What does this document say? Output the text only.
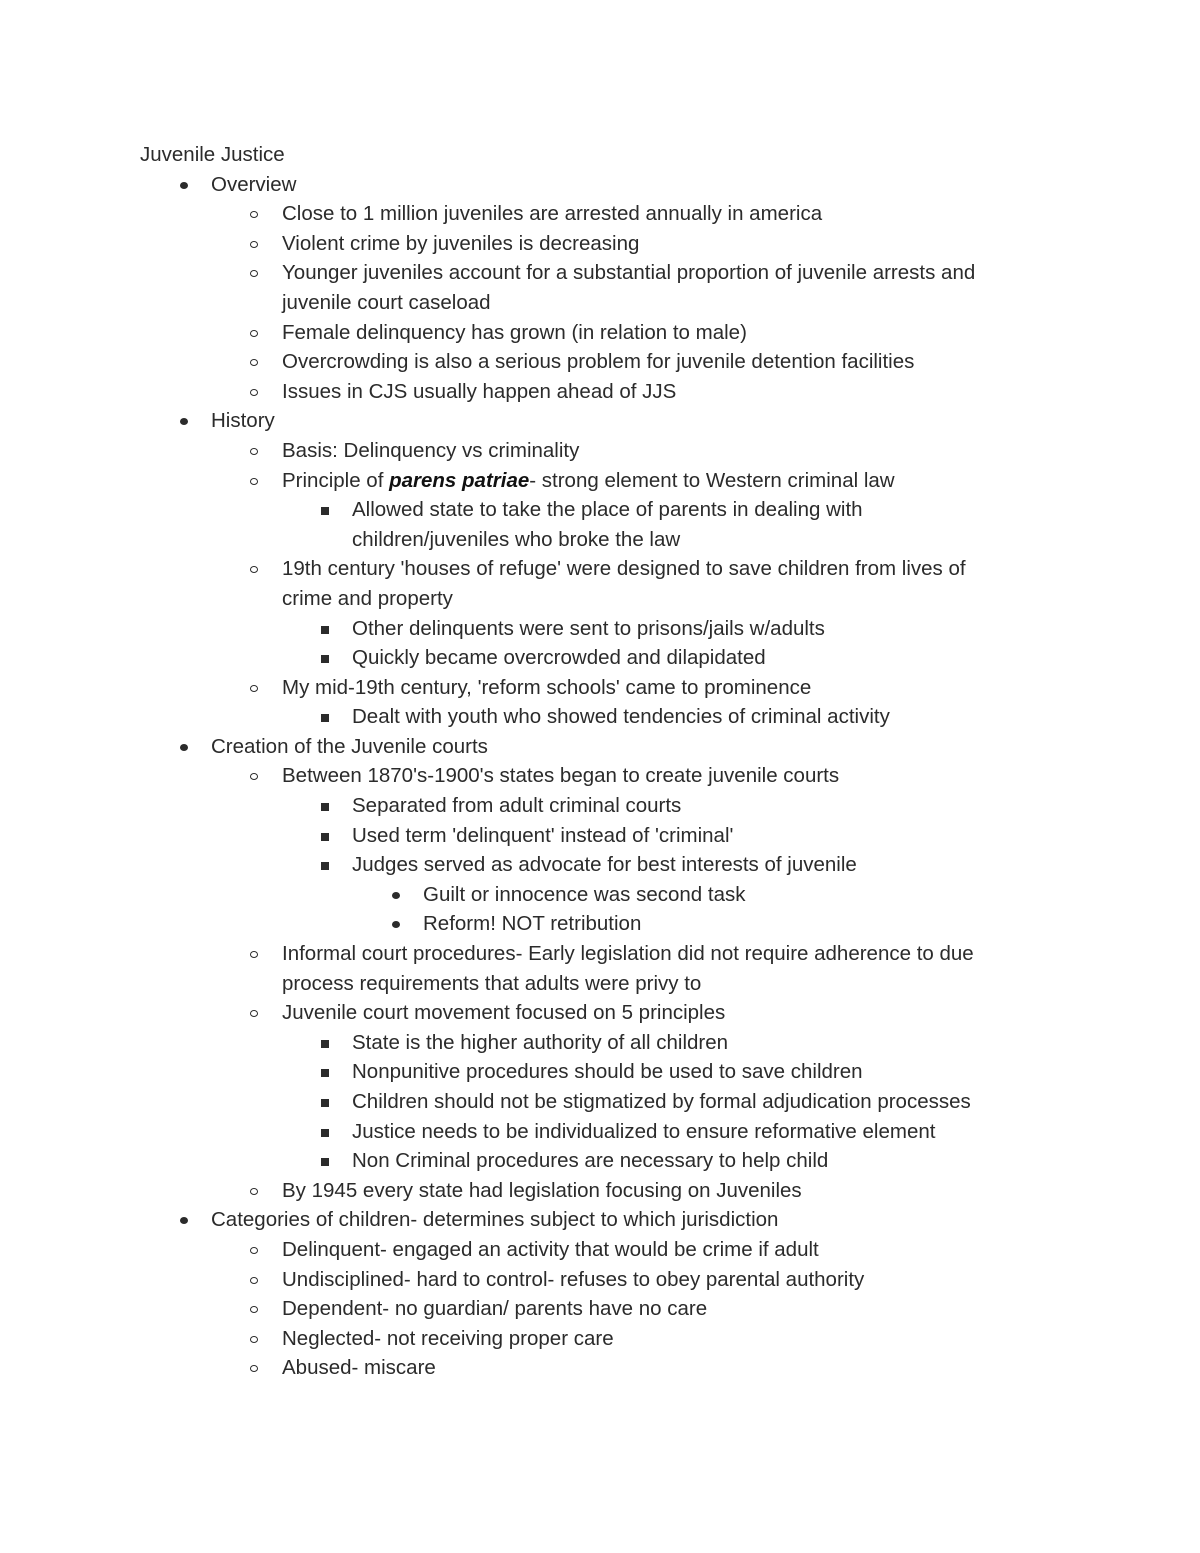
Juvenile Justice
Overview
Close to 1 million juveniles are arrested annually in america
Violent crime by juveniles is decreasing
Younger juveniles account for a substantial proportion of juvenile arrests and
juvenile court caseload
Female delinquency has grown (in relation to male)
Overcrowding is also a serious problem for juvenile detention facilities
Issues in CJS usually happen ahead of JJS
History
Basis: Delinquency vs criminality
Principle of parens patriae- strong element to Western criminal law
Allowed state to take the place of parents in dealing with
children/juveniles who broke the law
19th century 'houses of refuge' were designed to save children from lives of
crime and property
Other delinquents were sent to prisons/jails w/adults
Quickly became overcrowded and dilapidated
My mid-19th century, 'reform schools' came to prominence
Dealt with youth who showed tendencies of criminal activity
Creation of the Juvenile courts
Between 1870's-1900's states began to create juvenile courts
Separated from adult criminal courts
Used term 'delinquent' instead of 'criminal'
Judges served as advocate for best interests of juvenile
Guilt or innocence was second task
Reform! NOT retribution
Informal court procedures- Early legislation did not require adherence to due
process requirements that adults were privy to
Juvenile court movement focused on 5 principles
State is the higher authority of all children
Nonpunitive procedures should be used to save children
Children should not be stigmatized by formal adjudication processes
Justice needs to be individualized to ensure reformative element
Non Criminal procedures are necessary to help child
By 1945 every state had legislation focusing on Juveniles
Categories of children- determines subject to which jurisdiction
Delinquent- engaged an activity that would be crime if adult
Undisciplined- hard to control- refuses to obey parental authority
Dependent- no guardian/ parents have no care
Neglected- not receiving proper care
Abused- miscare
